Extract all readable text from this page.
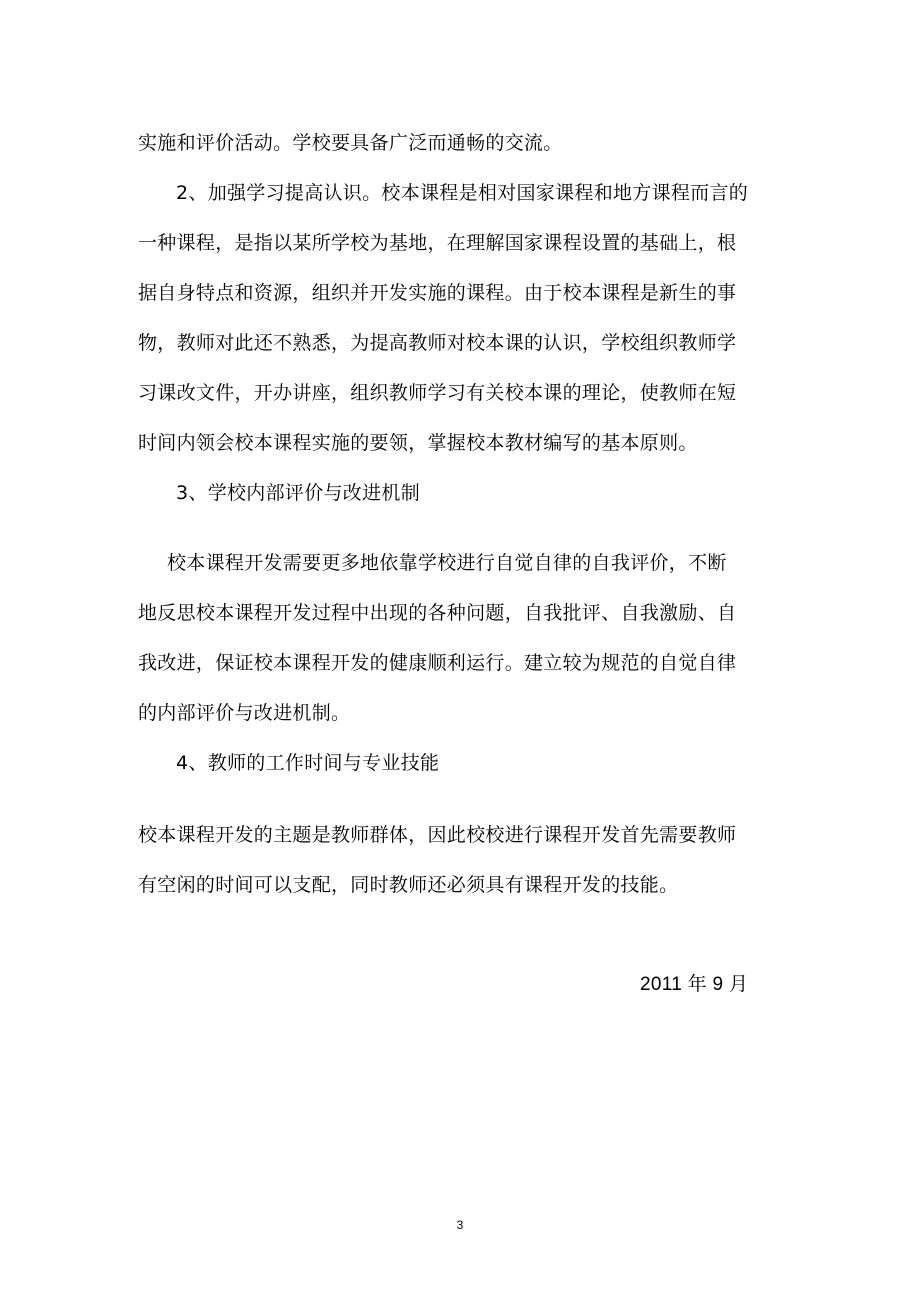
实施和评价活动。学校要具备广泛而通畅的交流。
2、加强学习提高认识。校本课程是相对国家课程和地方课程而言的
一种课程，是指以某所学校为基地，在理解国家课程设置的基础上，根
据自身特点和资源，组织并开发实施的课程。由于校本课程是新生的事
物，教师对此还不熟悉，为提高教师对校本课的认识，学校组织教师学
习课改文件，开办讲座，组织教师学习有关校本课的理论，使教师在短
时间内领会校本课程实施的要领，掌握校本教材编写的基本原则。
3、学校内部评价与改进机制
校本课程开发需要更多地依靠学校进行自觉自律的自我评价，不断
地反思校本课程开发过程中出现的各种问题，自我批评、自我激励、自
我改进，保证校本课程开发的健康顺利运行。建立较为规范的自觉自律
的内部评价与改进机制。
4、教师的工作时间与专业技能
校本课程开发的主题是教师群体，因此校校进行课程开发首先需要教师
有空闲的时间可以支配，同时教师还必须具有课程开发的技能。
2011 年 9 月
3
